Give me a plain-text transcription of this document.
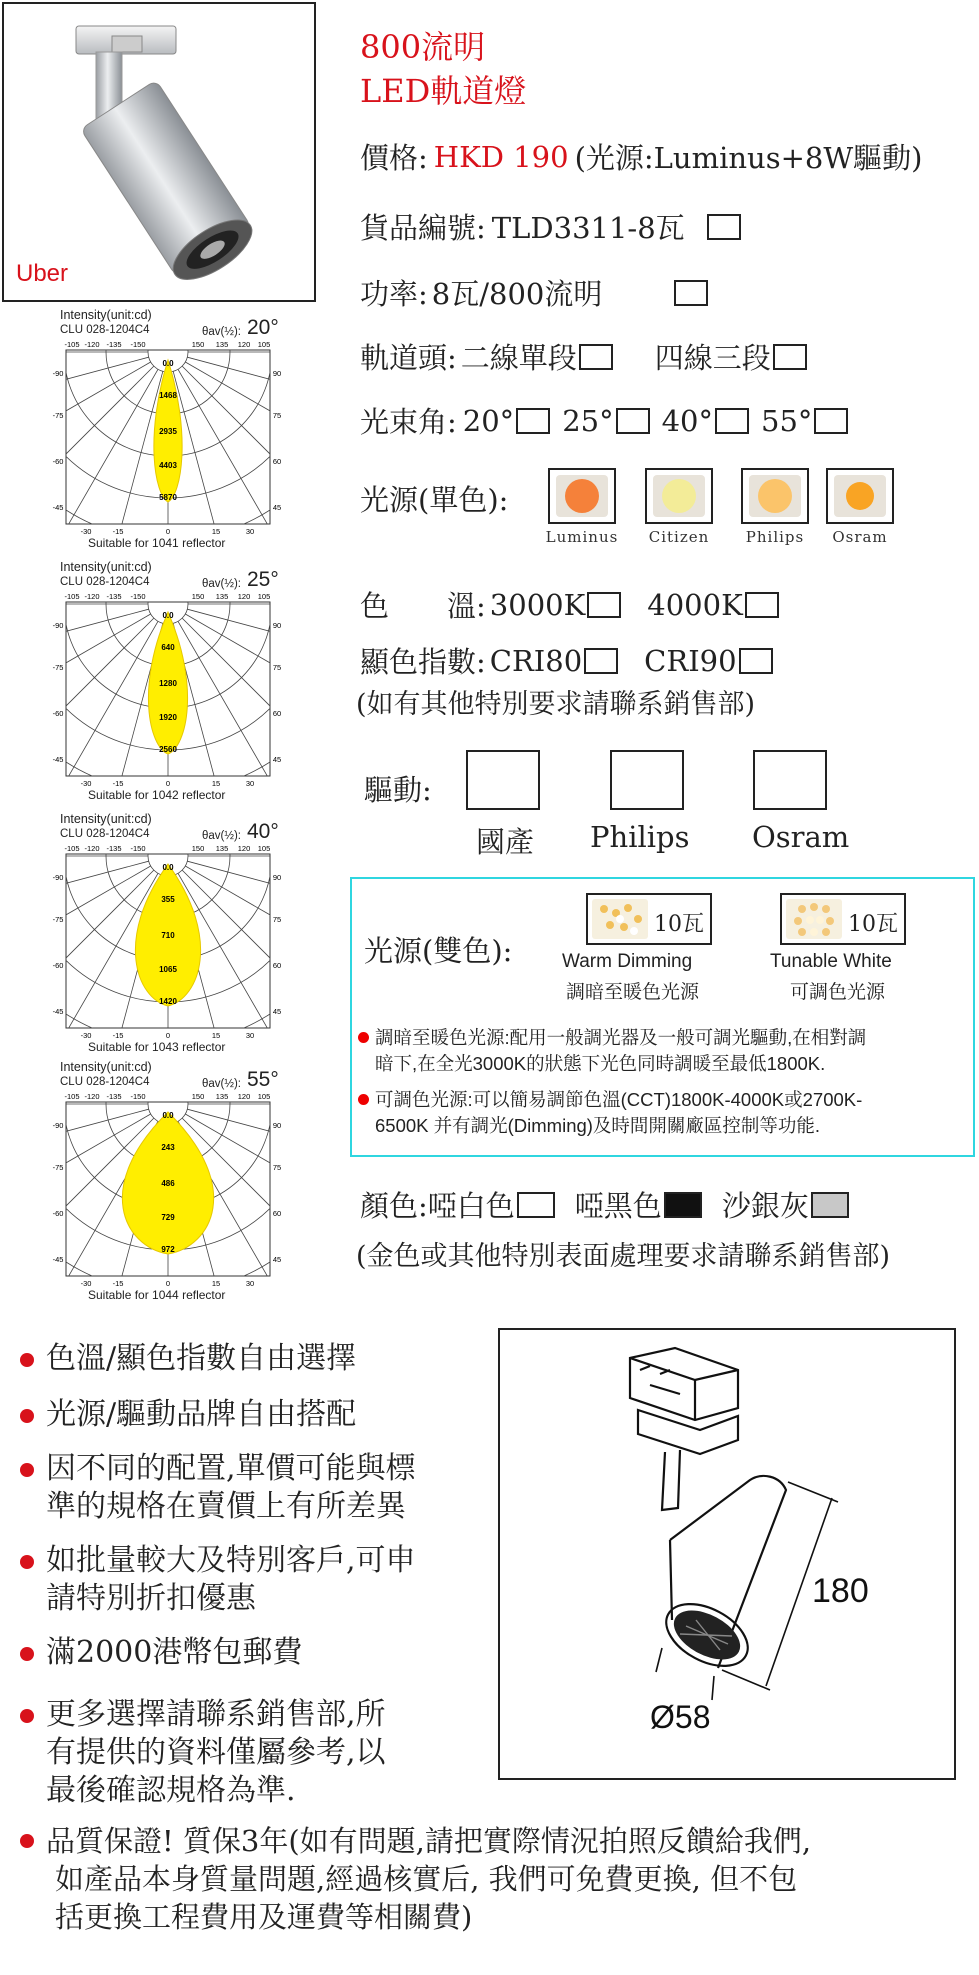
Uber
800流明
LED軌道燈
價格: HKD 190 (光源:Luminus+8W驅動)
貨品編號: TLD3311-8瓦
功率: 8瓦/800流明
軌道頭: 二線單段	四線三段
光束角: 20° 25° 40° 55°
光源(單色):
Luminus	Citizen	Philips	Osram
色 溫: 3000K 4000K
顯色指數: CRI80 CRI90
(如有其他特別要求請聯系銷售部)
驅動:
國產 Philips Osram
光源(雙色):
10瓦
Warm Dimming
調暗至暖色光源
10瓦
Tunable White
可調色光源
調暗至暖色光源:配用一般調光器及一般可調光驅動,在相對調
暗下,在全光3000K的狀態下光色同時調暖至最低1800K.
可調色光源:可以簡易調節色溫(CCT)1800K-4000K或2700K-
6500K 并有調光(Dimming)及時間開關廠區控制等功能.
顏色: 啞白色 啞黑色 沙銀灰
(金色或其他特別表面處理要求請聯系銷售部)
Intensity(unit:cd)
CLU 028-1204C4	θav(½): 20°
Suitable for 1041 reflector
0.0
1468
2935
4403
5870
-105 -120 -135 -150	150 135 120 105
-90
-75
-60
-45
90
75
60
45
-30	-15	0	15	30
Intensity(unit:cd)
CLU 028-1204C4	θav(½): 25°
Suitable for 1042 reflector
0.0
640
1280
1920
2560
-105 -120 -135 -150	150 135 120 105
-90
-75
-60
-45
90
75
60
45
-30	-15	0	15	30
Intensity(unit:cd)
CLU 028-1204C4	θav(½): 40°
Suitable for 1043 reflector
0.0
355
710
1065
1420
-105 -120 -135 -150	150 135 120 105
-90
-75
-60
-45
90
75
60
45
-30	-15	0	15	30
Intensity(unit:cd)
CLU 028-1204C4	θav(½): 55°
Suitable for 1044 reflector
0.0
243
486
729
972
-105 -120 -135 -150	150 135 120 105
-90
-75
-60
-45
90
75
60
45
-30	-15	0	15	30
色溫/顯色指數自由選擇
光源/驅動品牌自由搭配
因不同的配置,單價可能與標
準的規格在賣價上有所差異
如批量較大及特別客戶,可申
請特別折扣優惠
滿2000港幣包郵費
更多選擇請聯系銷售部,所
有提供的資料僅屬參考,以
最後確認規格為準.
180
Ø58
品質保證! 質保3年(如有問題,請把實際情況拍照反饋給我們,
如產品本身質量問題,經過核實后, 我們可免費更換, 但不包
括更換工程費用及運費等相關費)
